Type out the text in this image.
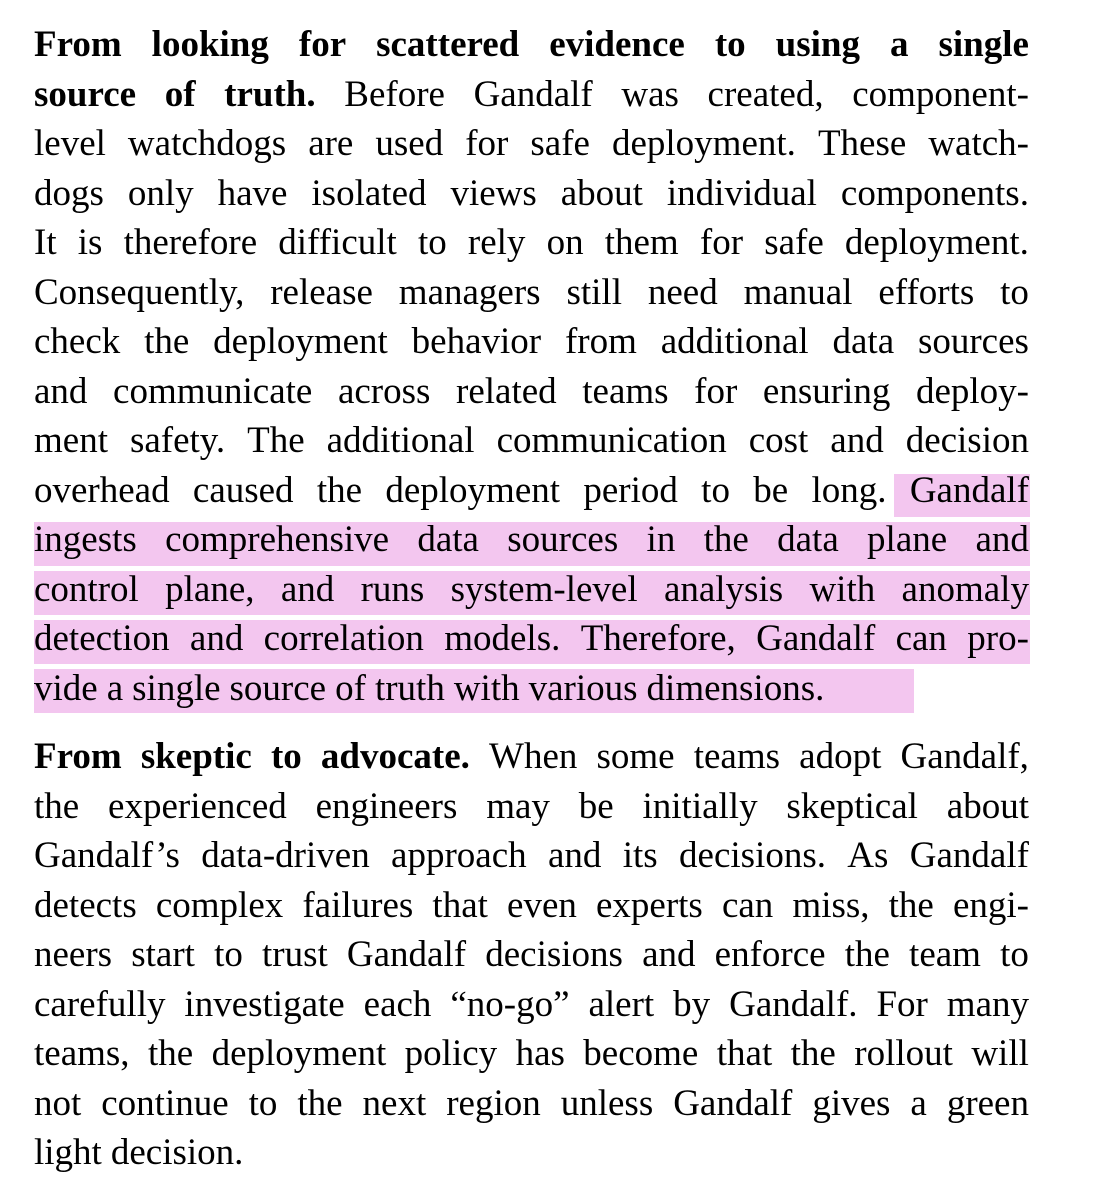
From looking for scattered evidence to using a single
source of truth. Before Gandalf was created, component-
level watchdogs are used for safe deployment. These watch-
dogs only have isolated views about individual components.
It is therefore difficult to rely on them for safe deployment.
Consequently, release managers still need manual efforts to
check the deployment behavior from additional data sources
and communicate across related teams for ensuring deploy-
ment safety. The additional communication cost and decision
overhead caused the deployment period to be long. Gandalf
ingests comprehensive data sources in the data plane and
control plane, and runs system-level analysis with anomaly
detection and correlation models. Therefore, Gandalf can pro-
vide a single source of truth with various dimensions.
From skeptic to advocate. When some teams adopt Gandalf,
the experienced engineers may be initially skeptical about
Gandalf’s data-driven approach and its decisions. As Gandalf
detects complex failures that even experts can miss, the engi-
neers start to trust Gandalf decisions and enforce the team to
carefully investigate each “no-go” alert by Gandalf. For many
teams, the deployment policy has become that the rollout will
not continue to the next region unless Gandalf gives a green
light decision.
